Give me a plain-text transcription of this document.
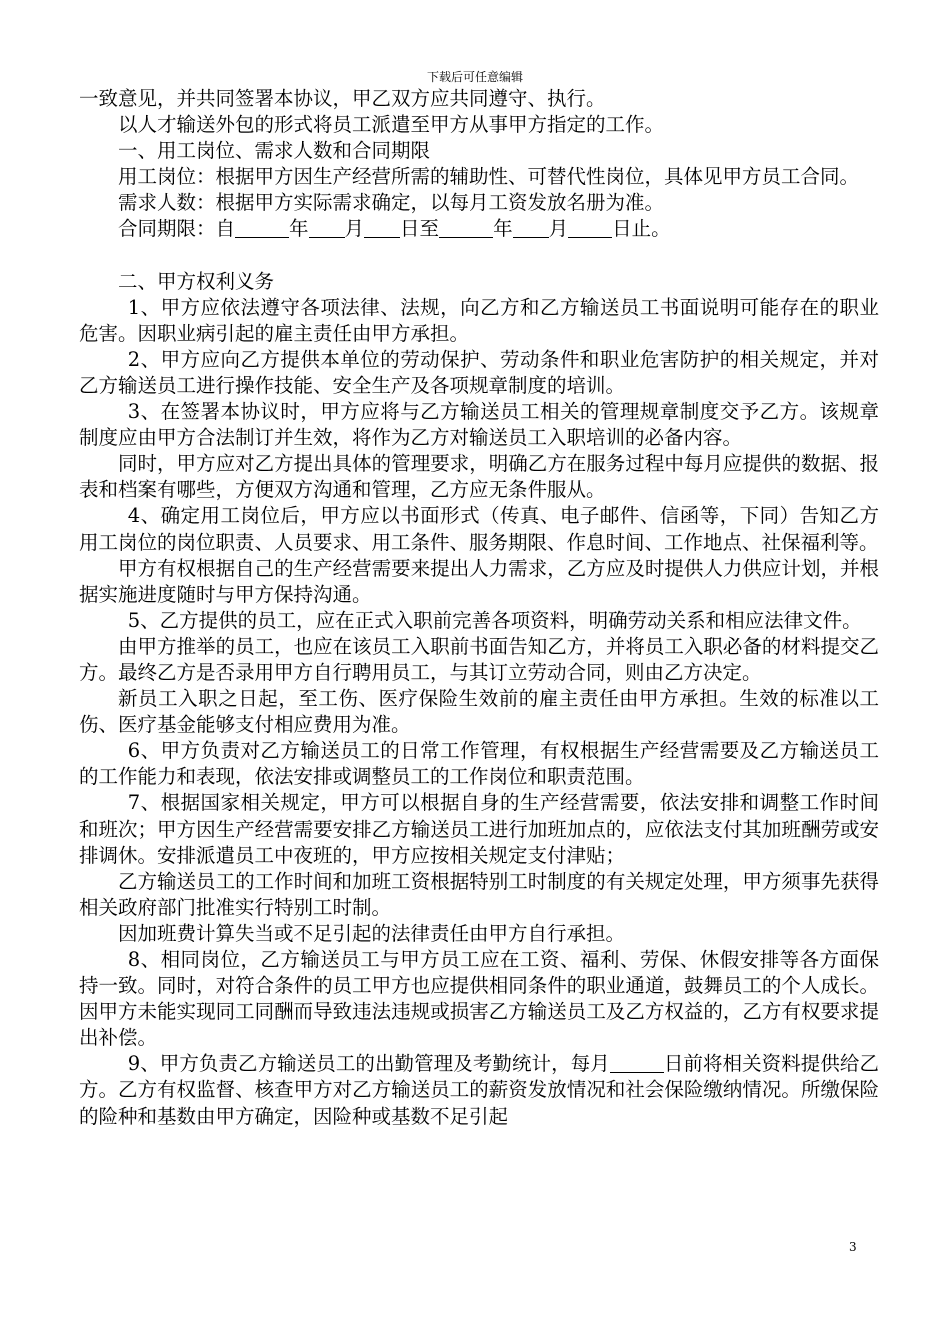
下载后可任意编辑

一致意见，并共同签署本协议，甲乙双方应共同遵守、执行。

以人才输送外包的形式将员工派遣至甲方从事甲方指定的工作。

一、用工岗位、需求人数和合同期限

用工岗位：根据甲方因生产经营所需的辅助性、可替代性岗位，具体见甲方员工合同。

需求人数：根据甲方实际需求确定，以每月工资发放名册为准。

合同期限：自	年 月 日至	年 月 日止。

二、甲方权利义务

1、甲方应依法遵守各项法律、法规，向乙方和乙方输送员工书面说明可能存在的职业危害。因职业病引起的雇主责任由甲方承担。

2、甲方应向乙方提供本单位的劳动保护、劳动条件和职业危害防护的相关规定，并对乙方输送员工进行操作技能、安全生产及各项规章制度的培训。

3、在签署本协议时，甲方应将与乙方输送员工相关的管理规章制度交予乙方。该规章制度应由甲方合法制订并生效，将作为乙方对输送员工入职培训的必备内容。

同时，甲方应对乙方提出具体的管理要求，明确乙方在服务过程中每月应提供的数据、报表和档案有哪些，方便双方沟通和管理，乙方应无条件服从。

4、确定用工岗位后，甲方应以书面形式（传真、电子邮件、信函等，下同）告知乙方用工岗位的岗位职责、人员要求、用工条件、服务期限、作息时间、工作地点、社保福利等。

甲方有权根据自己的生产经营需要来提出人力需求，乙方应及时提供人力供应计划，并根据实施进度随时与甲方保持沟通。

5、乙方提供的员工，应在正式入职前完善各项资料，明确劳动关系和相应法律文件。

由甲方推举的员工，也应在该员工入职前书面告知乙方，并将员工入职必备的材料提交乙方。最终乙方是否录用甲方自行聘用员工，与其订立劳动合同，则由乙方决定。

新员工入职之日起，至工伤、医疗保险生效前的雇主责任由甲方承担。生效的标准以工伤、医疗基金能够支付相应费用为准。

6、甲方负责对乙方输送员工的日常工作管理，有权根据生产经营需要及乙方输送员工的工作能力和表现，依法安排或调整员工的工作岗位和职责范围。

7、根据国家相关规定，甲方可以根据自身的生产经营需要，依法安排和调整工作时间和班次；甲方因生产经营需要安排乙方输送员工进行加班加点的，应依法支付其加班酬劳或安排调休。安排派遣员工中夜班的，甲方应按相关规定支付津贴；

乙方输送员工的工作时间和加班工资根据特别工时制度的有关规定处理，甲方须事先获得相关政府部门批准实行特别工时制。

因加班费计算失当或不足引起的法律责任由甲方自行承担。

8、相同岗位，乙方输送员工与甲方员工应在工资、福利、劳保、休假安排等各方面保持一致。同时，对符合条件的员工甲方也应提供相同条件的职业通道，鼓舞员工的个人成长。因甲方未能实现同工同酬而导致违法违规或损害乙方输送员工及乙方权益的，乙方有权要求提出补偿。

9、甲方负责乙方输送员工的出勤管理及考勤统计，每月	日前将相关资料提供给乙方。乙方有权监督、核查甲方对乙方输送员工的薪资发放情况和社会保险缴纳情况。所缴保险的险种和基数由甲方确定，因险种或基数不足引起

3
